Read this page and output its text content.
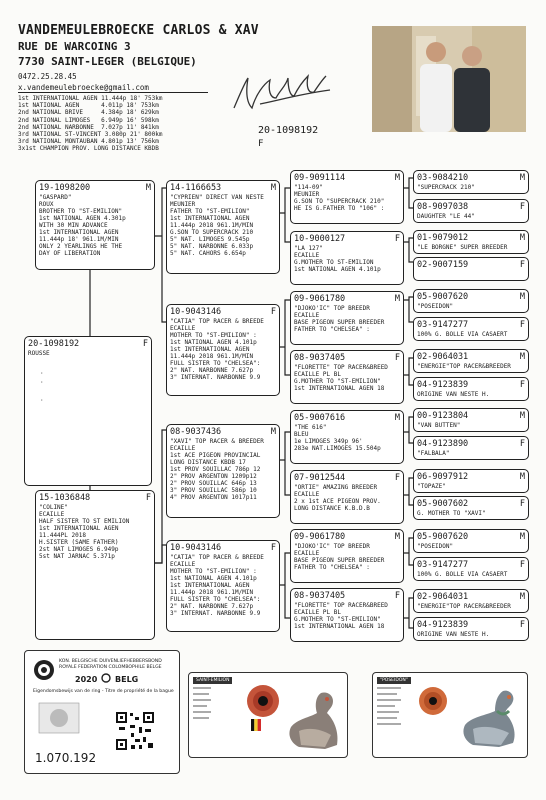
VANDEMEULEBROECKE CARLOS & XAV
RUE DE WARCOING 3
7730 SAINT-LEGER (BELGIQUE)
0472.25.28.45
x.vandemeulebroecke@gmail.com
1st INTERNATIONAL AGEN 11.444p 18' 753km
1st NATIONAL AGEN      4.011p 18' 753km
2nd NATIONAL BRIVE     4.384p 18' 629km
2nd NATIONAL LIMOGES   6.949p 16' 598km
2nd NATIONAL NARBONNE  7.027p 11' 841km
3rd NATIONAL ST-VINCENT 3.080p 21' 800km
3rd NATIONAL MONTAUBAN 4.801p 13' 756km
3x1st CHAMPION PROV. LONG DISTANCE KBDB
20-1098192
F
20-1098192	F
ROUSSE
·
·

·
19-1098200	M
"GASPARD"
ROUX
BROTHER TO "ST-EMILION"
1st NATIONAL AGEN 4.301p
WITH 30 MIN ADVANCE
1st INTERNATIONAL AGEN
11.444p 18' 961.1M/MIN
ONLY 2 YEARLINGS HE THE
DAY OF LIBERATION
15-1036848	F
"COLINE"
ECAILLE
HALF SISTER TO ST EMILION
1st INTERNATIONAL AGEN
11.444PL 2018
H.SISTER (SAME FATHER)
2st NAT LIMOGES 6.949p
5st NAT JARNAC 5.371p
14-1166653	M
"CYPRIEN" DIRECT VAN NESTE
MEUNIER
FATHER TO "ST-EMILION"
1st INTERNATIONAL AGEN
11.444p 2018 961.1M/MIN
G.SON TO SUPERCRACK 210
5" NAT. LIMOGES 9.545p
5" NAT. NARBONNE 6.033p
5" NAT. CAHORS 6.654p
10-9043146	F
"CATIA" TOP RACER & BREEDE
ECAILLE
MOTHER TO "ST-EMILION" :
1st NATIONAL AGEN 4.101p
1st INTERNATIONAL AGEN
11.444p 2018 961.1M/MIN
FULL SISTER TO "CHELSEA":
2" NAT. NARBONNE 7.627p
3" INTERNAT. NARBONNE 9.9
08-9037436	M
"XAVI" TOP RACER & BREEDER
ECAILLE
1st ACE PIGEON PROVINCIAL
LONG DISTANCE KBDB 17
1st PROV SOUILLAC 786p 12
2" PROV ARGENTON 1209p12
2" PROV SOUILLAC 646p 13
3" PROV SOUILLAC 586p 10
4" PROV ARGENTON 1017p11
10-9043146	F
"CATIA" TOP RACER & BREEDE
ECAILLE
MOTHER TO "ST-EMILION" :
1st NATIONAL AGEN 4.101p
1st INTERNATIONAL AGEN
11.444p 2018 961.1M/MIN
FULL SISTER TO "CHELSEA":
2" NAT. NARBONNE 7.627p
3" INTERNAT. NARBONNE 9.9
09-9091114	M
"114-09"
MEUNIER
G.SON TO "SUPERCRACK 210"
HE IS G.FATHER TO "106" :
10-9000127	F
"LA 127"
ECAILLE
G.MOTHER TO ST-EMILION
1st NATIONAL AGEN 4.101p
09-9061780	M
"DJOKO'IC" TOP BREEDR
ECAILLE
BASE PIGEON SUPER BREEDER
FATHER TO "CHELSEA" :
08-9037405	F
"FLORETTE" TOP RACER&BREED
ECAILLE PL BL
G.MOTHER TO "ST-EMILION"
1st INTERNATIONAL AGEN 18
05-9007616	M
"THE 616"
BLEU
1e LIMOGES 349p 96'
283e NAT.LIMOGES 15.504p
07-9012544	F
"ORTIE" AMAZING BREEDER
ECAILLE
2 x 1st ACE PIGEON PROV.
LONG DISTANCE K.B.D.B
09-9061780	M
"DJOKO'IC" TOP BREEDR
ECAILLE
BASE PIGEON SUPER BREEDER
FATHER TO "CHELSEA" :
08-9037405	F
"FLORETTE" TOP RACER&BREED
ECAILLE PL BL
G.MOTHER TO "ST-EMILION"
1st INTERNATIONAL AGEN 18
03-9084210	M
"SUPERCRACK 210"
08-9097038	F
DAUGHTER "LE 44"
01-9079012	M
"LE BORGNE" SUPER BREEDER
02-9007159	F
05-9007620	M
"POSEIDON"
03-9147277	F
100% G. BOLLE VIA CASAERT
02-9064031	M
"ENERGIE"TOP RACER&BREEDER
04-9123839	F
ORIGINE VAN NESTE H.
00-9123804	M
"VAN BUTTEN"
04-9123890	F
"FALBALA"
06-9097912	M
"TOPAZE"
05-9007602	F
G. MOTHER TO "XAVI"
05-9007620	M
"POSEIDON"
03-9147277	F
100% G. BOLLE VIA CASAERT
02-9064031	M
"ENERGIE"TOP RACER&BREEDER
04-9123839	F
ORIGINE VAN NESTE H.
KON. BELGISCHE DUIVENLIEFHEBBERSBOND
ROYALE FEDERATION COLOMBOPHILE BELGE
2020 BELG
Eigendomsbewijs van de ring - Titre de propriété de la bague
1.070.192
SAINT-EMILION	"POSEIDON"
